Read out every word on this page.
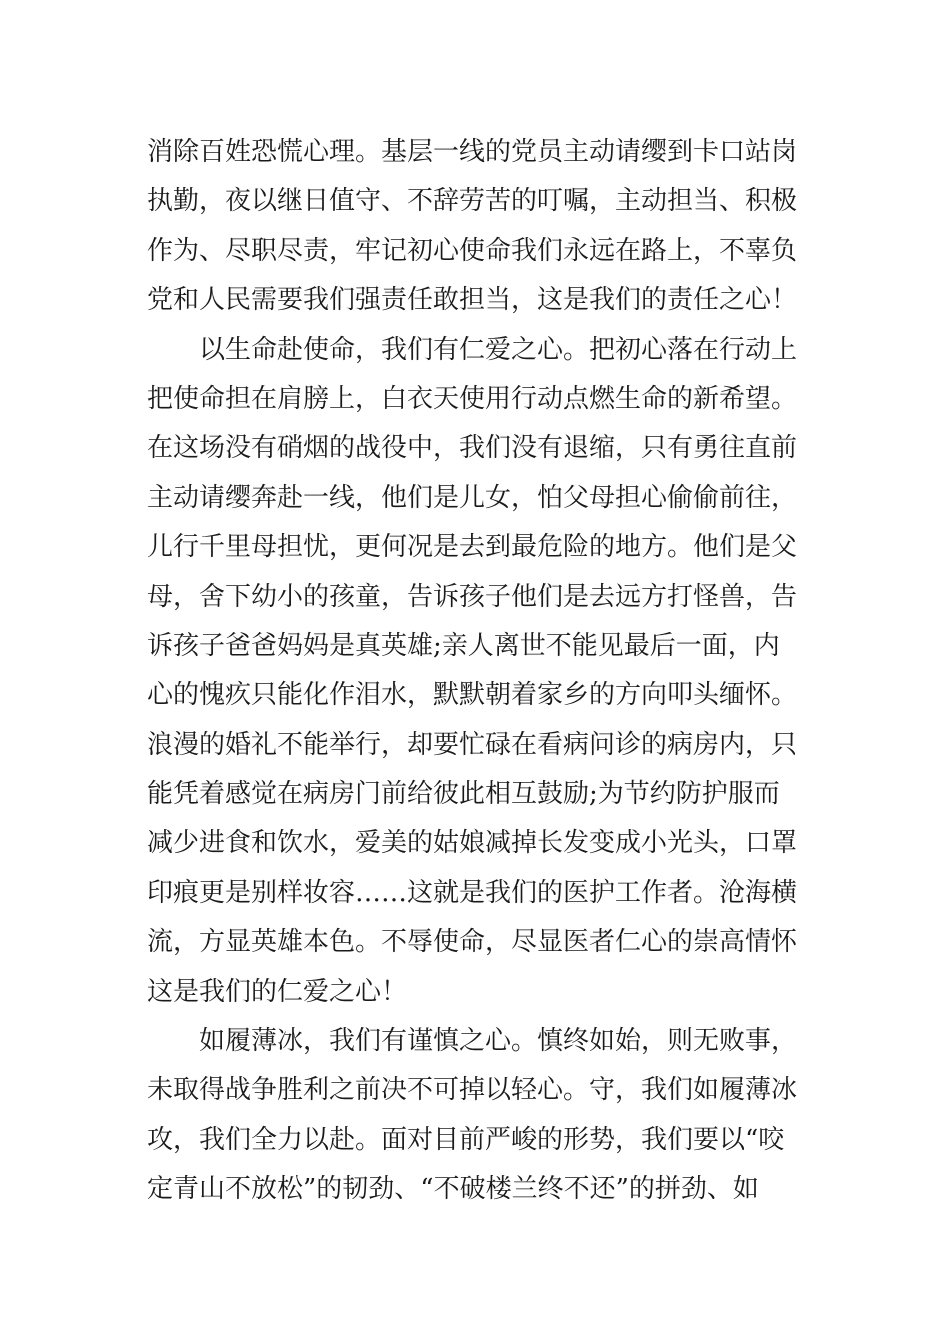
消除百姓恐慌心理。基层一线的党员主动请缨到卡口站岗
执勤，夜以继日值守、不辞劳苦的叮嘱，主动担当、积极
作为、尽职尽责，牢记初心使命我们永远在路上，不辜负
党和人民需要我们强责任敢担当，这是我们的责任之心！
以生命赴使命，我们有仁爱之心。把初心落在行动上
把使命担在肩膀上，白衣天使用行动点燃生命的新希望。
在这场没有硝烟的战役中，我们没有退缩，只有勇往直前
主动请缨奔赴一线，他们是儿女，怕父母担心偷偷前往，
儿行千里母担忧，更何况是去到最危险的地方。他们是父
母，舍下幼小的孩童，告诉孩子他们是去远方打怪兽，告
诉孩子爸爸妈妈是真英雄;亲人离世不能见最后一面，内
心的愧疚只能化作泪水，默默朝着家乡的方向叩头缅怀。
浪漫的婚礼不能举行，却要忙碌在看病问诊的病房内，只
能凭着感觉在病房门前给彼此相互鼓励;为节约防护服而
减少进食和饮水，爱美的姑娘减掉长发变成小光头，口罩
印痕更是别样妆容……这就是我们的医护工作者。沧海横
流，方显英雄本色。不辱使命，尽显医者仁心的崇高情怀
这是我们的仁爱之心！
如履薄冰，我们有谨慎之心。慎终如始，则无败事，
未取得战争胜利之前决不可掉以轻心。守，我们如履薄冰
攻，我们全力以赴。面对目前严峻的形势，我们要以“咬
定青山不放松”的韧劲、“不破楼兰终不还”的拼劲、如
